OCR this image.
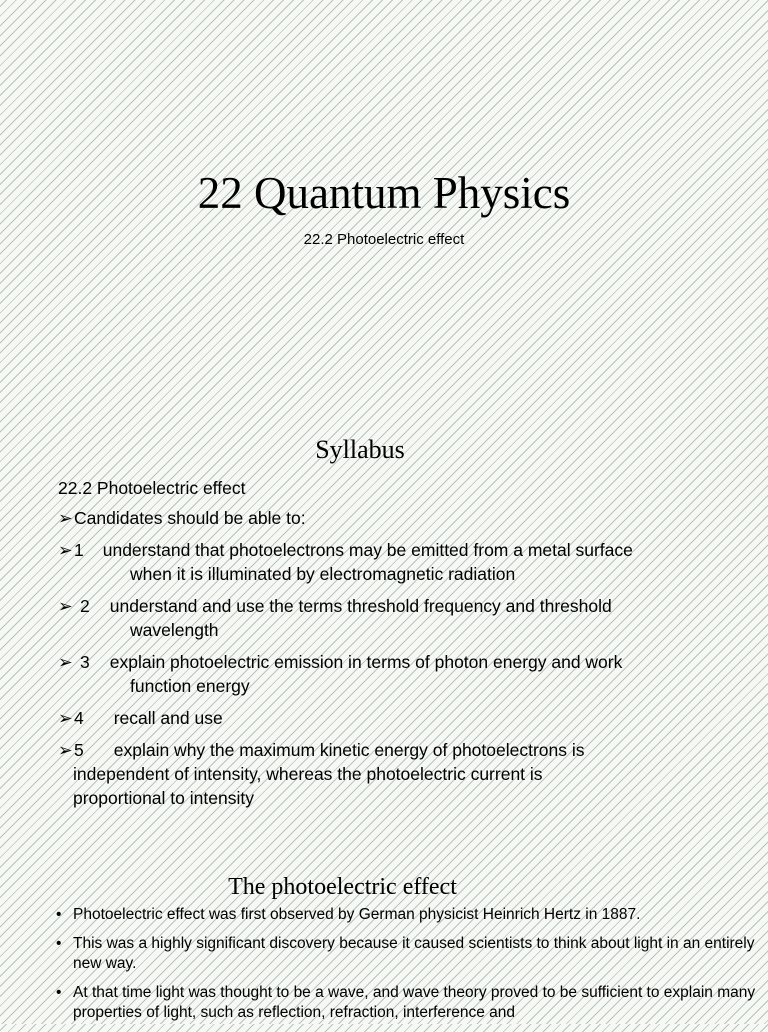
22 Quantum Physics
22.2 Photoelectric effect
Syllabus

22.2 Photoelectric effect

➢ Candidates should be able to:
➢ 1 understand that photoelectrons may be emitted from a metal surface
when it is illuminated by electromagnetic radiation
➢ 2 understand and use the terms threshold frequency and threshold
wavelength
➢ 3 explain photoelectric emission in terms of photon energy and work
function energy
➢ 4 recall and use
➢ 5 explain why the maximum kinetic energy of photoelectrons is
independent of intensity, whereas the photoelectric current is
proportional to intensity
The photoelectric effect
• Photoelectric effect was first observed by German physicist Heinrich Hertz in 1887.
• This was a highly significant discovery because it caused scientists to think about light in an entirely new way.
• At that time light was thought to be a wave, and wave theory proved to be sufficient to explain many properties of light, such as reflection, refraction, interference and
